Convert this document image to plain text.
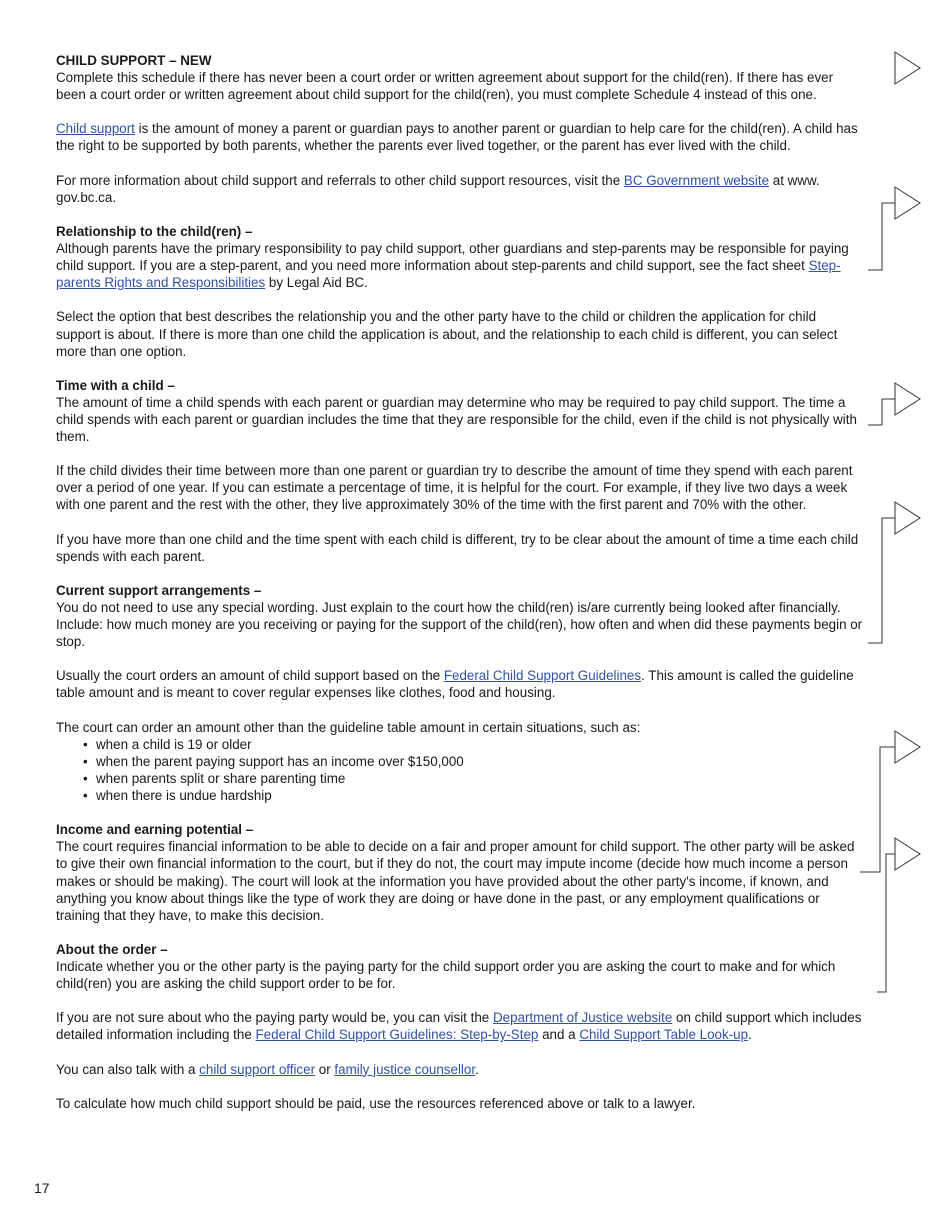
CHILD SUPPORT – NEW
Complete this schedule if there has never been a court order or written agreement about support for the child(ren). If there has ever been a court order or written agreement about child support for the child(ren), you must complete Schedule 4 instead of this one.

Child support is the amount of money a parent or guardian pays to another parent or guardian to help care for the child(ren). A child has the right to be supported by both parents, whether the parents ever lived together, or the parent has ever lived with the child.

For more information about child support and referrals to other child support resources, visit the BC Government website at www. gov.bc.ca.

Relationship to the child(ren) –
Although parents have the primary responsibility to pay child support, other guardians and step-parents may be responsible for paying child support. If you are a step-parent, and you need more information about step-parents and child support, see the fact sheet Step-parents Rights and Responsibilities by Legal Aid BC.

Select the option that best describes the relationship you and the other party have to the child or children the application for child support is about. If there is more than one child the application is about, and the relationship to each child is different, you can select more than one option.

Time with a child –
The amount of time a child spends with each parent or guardian may determine who may be required to pay child support. The time a child spends with each parent or guardian includes the time that they are responsible for the child, even if the child is not physically with them.

If the child divides their time between more than one parent or guardian try to describe the amount of time they spend with each parent over a period of one year. If you can estimate a percentage of time, it is helpful for the court. For example, if they live two days a week with one parent and the rest with the other, they live approximately 30% of the time with the first parent and 70% with the other.

If you have more than one child and the time spent with each child is different, try to be clear about the amount of time a time each child spends with each parent.

Current support arrangements –
You do not need to use any special wording. Just explain to the court how the child(ren) is/are currently being looked after financially. Include: how much money are you receiving or paying for the support of the child(ren), how often and when did these payments begin or stop.

Usually the court orders an amount of child support based on the Federal Child Support Guidelines. This amount is called the guideline table amount and is meant to cover regular expenses like clothes, food and housing.

The court can order an amount other than the guideline table amount in certain situations, such as:
• when a child is 19 or older
• when the parent paying support has an income over $150,000
• when parents split or share parenting time
• when there is undue hardship

Income and earning potential –
The court requires financial information to be able to decide on a fair and proper amount for child support. The other party will be asked to give their own financial information to the court, but if they do not, the court may impute income (decide how much income a person makes or should be making). The court will look at the information you have provided about the other party's income, if known, and anything you know about things like the type of work they are doing or have done in the past, or any employment qualifications or training that they have, to make this decision.

About the order –
Indicate whether you or the other party is the paying party for the child support order you are asking the court to make and for which child(ren) you are asking the child support order to be for.

If you are not sure about who the paying party would be, you can visit the Department of Justice website on child support which includes detailed information including the Federal Child Support Guidelines: Step-by-Step and a Child Support Table Look-up.

You can also talk with a child support officer or family justice counsellor.

To calculate how much child support should be paid, use the resources referenced above or talk to a lawyer.

17
